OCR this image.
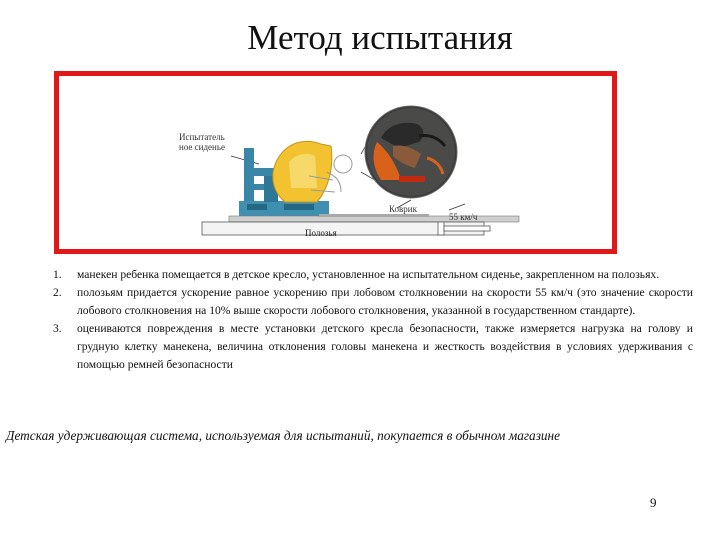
Метод испытания
Испытатель
ное сиденье
Коврик
55 км/ч
Полозья
1. манекен ребенка помещается в детское кресло, установленное на испытательном сиденье, закрепленном на полозьях.
2. полозьям придается ускорение равное ускорению при лобовом столкновении на скорости 55 км/ч (это значение скорости лобового столкновения на 10% выше скорости лобового столкновения, указанной в государственном стандарте).
3. оцениваются повреждения в месте установки детского кресла безопасности, также измеряется нагрузка на голову и грудную клетку манекена, величина отклонения головы манекена и жесткость воздействия в условиях удерживания с помощью ремней безопасности
Детская удерживающая система, используемая для испытаний, покупается в обычном магазине
9
